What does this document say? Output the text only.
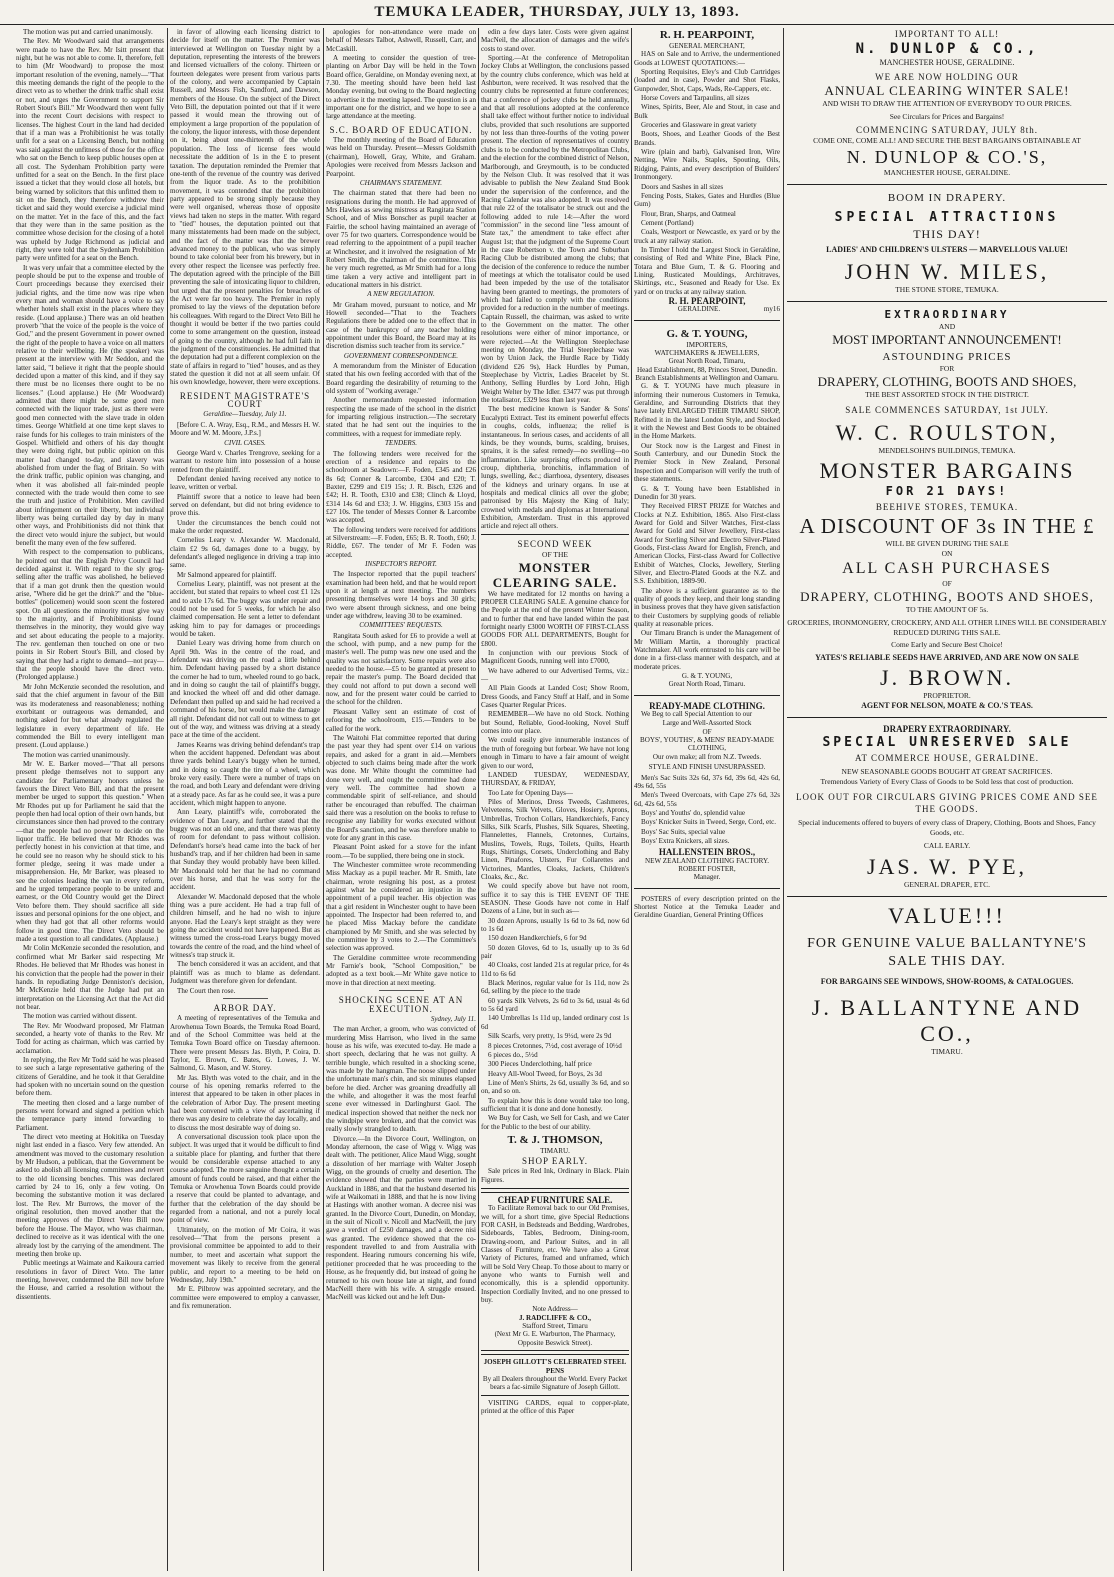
TEMUKA LEADER, THURSDAY, JULY 13, 1893.

The motion was put and carried unanimously.

The Rev. Mr Woodward said that arrangements were made to have the Rev. Mr Isitt present that night, but he was not able to come. It, therefore, fell to him (Mr Woodward) to propose the most important resolution of the evening, namely—"That this meeting demands the right of the people to the direct veto as to whether the drink traffic shall exist or not, and urges the Government to support Sir Robert Stout's Bill." Mr Woodward then went fully into the recent Court decisions with respect to licenses. The highest Court in the land had decided that if a man was a Prohibitionist he was totally unfit for a seat on a Licensing Bench, but nothing was said against the unfitness of those for the office who sat on the Bench to keep public houses open at all cost. The Sydenham Prohibition party were unfitted for a seat on the Bench. In the first place issued a ticket that they would close all hotels, but being warned by solicitors that this unfitted them to sit on the Bench, they therefore withdrew their ticket and said they would exercise a judicial mind on the matter. Yet in the face of this, and the fact that they were than in the same position as the committee whose decision for the closing of a hotel was upheld by Judge Richmond as judicial and right, they were told that the Sydenham Prohibition party were unfitted for a seat on the Bench.

It was very unfair that a committee elected by the people should be put to the expense and trouble of Court proceedings because they exercised their judicial rights, and the time now was ripe when every man and woman should have a voice to say whether hotels shall exist in the places where they reside. (Loud applause.) There was an old heathen proverb "that the voice of the people is the voice of God," and the present Government in power owned the right of the people to have a voice on all matters relative to their wellbeing. He (the speaker) was present at the interview with Mr Seddon, and the latter said, "I believe it right that the people should decided upon a matter of this kind, and if they say there must be no licenses there ought to be no licenses." (Loud applause.) He (Mr Woodward) admitted that there might be some good men connected with the liquor trade, just as there were good men connected with the slave trade in olden times. George Whitfield at one time kept slaves to raise funds for his colleges to train ministers of the Gospel. Whitfield and others of his day thought they were doing right, but public opinion on this matter had changed to-day, and slavery was abolished from under the flag of Britain. So with the drink traffic, public opinion was changing, and when it was abolished all fair-minded people connected with the trade would then come to see the truth and justice of Prohibition. Men cavilled about infringement on their liberty, but individual liberty was being curtailed day by day in many other ways, and Prohibitionists did not think that the direct veto would injure the subject, but would benefit the many even of the few suffered.

With respect to the compensation to publicans, he pointed out that the English Privy Council had decided against it. With regard to the sly grog-selling after the traffic was abolished, he believed that if a man got drunk then the question would arise, "Where did he get the drink?" and the "blue-bottles" (policemen) would soon scent the fostered spot. On all questions the minority must give way to the majority, and if Prohibitionists found themselves in the minority, they would give way and set about educating the people to a majority. The rev. gentleman then touched on one or two points in Sir Robert Stout's Bill, and closed by saying that they had a right to demand—not pray—that the people should have the direct veto. (Prolonged applause.)

Mr John McKenzie seconded the resolution, and said that the chief argument in favour of the Bill was its moderateness and reasonableness; nothing exorbitant or outrageous was demanded, and nothing asked for but what already regulated the legislature in every department of life. He commended the Bill to every intelligent man present. (Loud applause.)

The motion was carried unanimously.

Mr W. E. Barker moved—"That all persons present pledge themselves not to support any candidate for Parliamentary honors unless he favours the Direct Veto Bill, and that the present member be urged to support this question." When Mr Rhodes put up for Parliament he said that the people then had local option of their own hands, but circumstances since then had proved to the contrary—that the people had no power to decide on the liquor traffic. He believed that Mr Rhodes was perfectly honest in his conviction at that time, and he could see no reason why he should stick to his former pledge, seeing it was made under a misapprehension. He, Mr Barker, was pleased to see the colonies leading the van in every reform, and he urged temperance people to be united and earnest, or the Old Country would get the Direct Veto before them. They should sacrifice all side issues and personal opinions for the one object, and when they had got that all other reforms would follow in good time. The Direct Veto should be made a test question to all candidates. (Applause.)

Mr Colin McKenzie seconded the resolution, and confirmed what Mr Barker said respecting Mr Rhodes. He believed that Mr Rhodes was honest in his conviction that the people had the power in their hands. In repudiating Judge Denniston's decision, Mr McKenzie held that the Judge had put an interpretation on the Licensing Act that the Act did not bear.

The motion was carried without dissent.

The Rev. Mr Woodward proposed, Mr Flatman seconded, a hearty vote of thanks to the Rev. Mr Todd for acting as chairman, which was carried by acclamation.

In replying, the Rev Mr Todd said he was pleased to see such a large representative gathering of the citizens of Geraldine, and he took it that Geraldine had spoken with no uncertain sound on the question before them.

The meeting then closed and a large number of persons went forward and signed a petition which the temperance party intend forwarding to Parliament.

The direct veto meeting at Hokitika on Tuesday night last ended in a fiasco. Very few attended. An amendment was moved to the customary resolution by Mr Hudson, a publican, that the Government be asked to abolish all licensing committees and revert to the old licensing benches. This was declared carried by 24 to 16, only a few voting. On becoming the substantive motion it was declared lost. The Rev. Mr Burrows, the mover of the original resolution, then moved another that the meeting approves of the Direct Veto Bill now before the House. The Mayor, who was chairman, declined to receive as it was identical with the one already lost by the carrying of the amendment. The meeting then broke up.

Public meetings at Waimate and Kaikoura carried resolutions in favor of Direct Veto. The latter meeting, however, condemned the Bill now before the House, and carried a resolution without the dissentients.

in favor of allowing each licensing district to decide for itself on the matter. The Premier was interviewed at Wellington on Tuesday night by a deputation, representing the interests of the brewers and licensed victuallers of the colony. Thirteen or fourteen delegates were present from various parts of the colony, and were accompanied by Captain Russell, and Messrs Fish, Sandford, and Dawson, members of the House. On the subject of the Direct Veto Bill, the deputation pointed out that if it were passed it would mean the throwing out of employment a large proportion of the population of the colony, the liquor interests, with those dependent on it, being about one-thirteenth of the whole population. The loss of license fees would necessitate the addition of 1s in the £ to present taxation. The deputation reminded the Premier that one-tenth of the revenue of the country was derived from the liquor trade. As to the prohibition movement, it was contended that the prohibition party appeared to be strong simply because they were well organised, whereas those of opposite views had taken no steps in the matter. With regard to "tied" houses, the deputation pointed out that many misstatements had been made on the subject, and the fact of the matter was that the brewer advanced money to the publican, who was simply bound to take colonial beer from his brewery, but in every other respect the licensee was perfectly free. The deputation agreed with the principle of the Bill preventing the sale of intoxicating liquor to children, but urged that the present penalties for breaches of the Act were far too heavy. The Premier in reply promised to lay the views of the deputation before his colleagues. With regard to the Direct Veto Bill he thought it would be better if the two parties could come to some arrangement on the question, instead of going to the country, although he had full faith in the judgment of the constituencies. He admitted that the deputation had put a different complexion on the state of affairs in regard to "tied" houses, and as they stated the question it did not at all seem unfair. Of his own knowledge, however, there were exceptions.

RESIDENT MAGISTRATE'S COURT
Geraldine—Tuesday, July 11.

[Before C. A. Wray, Esq., R.M., and Messrs H. W. Moore and W. M. Moore, J.P.s.]

CIVIL CASES.

George Ward v. Charles Trengrove, seeking for a warrant to restore him into possession of a house rented from the plaintiff.

Defendant denied having received any notice to leave, written or verbal.

Plaintiff swore that a notice to leave had been served on defendant, but did not bring evidence to prove this.

Under the circumstances the bench could not make the order requested.

Cornelius Leary v. Alexander W. Macdonald, claim £2 9s 6d, damages done to a buggy, by defendant's alleged negligence in driving a trap into same.

Mr Salmond appeared for plaintiff.

Cornelius Leary, plaintiff, was not present at the accident, but stated that repairs to wheel cost £1 12s and to axle 17s 6d. The buggy was under repair and could not be used for 5 weeks, for which he also claimed compensation. He sent a letter to defendant asking him to pay for damages or proceedings would be taken.

Daniel Leary was driving home from church on April 9th. Was in the centre of the road, and defendant was driving on the road a little behind him. Defendant having passed by a short distance the corner he had to turn, wheeled round to go back, and in doing so caught the tail of plaintiff's buggy, and knocked the wheel off and did other damage. Defendant then pulled up and said he had received a command of his horse, but would make the damage all right. Defendant did not call out to witness to get out of the way, and witness was driving at a steady pace at the time of the accident.

James Kearns was driving behind defendant's trap when the accident happened. Defendant was about three yards behind Leary's buggy when he turned, and in doing so caught the tire of a wheel, which broke very easily. There were a number of traps on the road, and both Leary and defendant were driving at a steady pace. As far as he could see, it was a pure accident, which might happen to anyone.

Ann Leary, plaintiff's wife, corroborated the evidence of Dan Leary, and further stated that the buggy was not an old one, and that there was plenty of room for defendant to pass without collision. Defendant's horse's head came into the back of her husband's trap, and if her children had been in same that Sunday they would probably have been killed. Mr Macdonald told her that he had no command over his horse, and that he was sorry for the accident.

Alexander W. Macdonald deposed that the whole thing was a pure accident. He had a trap full of children himself, and he had no wish to injure anyone. Had the Leary's kept straight as they were going the accident would not have happened. But as witness turned the cross-road Learys buggy moved towards the centre of the road, and the hind wheel of witness's trap struck it.

The bench considered it was an accident, and that plaintiff was as much to blame as defendant. Judgment was therefore given for defendant.

The Court then rose.

ARBOR DAY.

A meeting of representatives of the Temuka and Arowhenua Town Boards, the Temuka Road Board, and of the School Committee was held at the Temuka Town Board office on Tuesday afternoon. There were present Messrs Jas. Blyth, P. Coira, D. Taylor, E. Brown, C. Bates, G. Lowes, J. W. Salmond, G. Mason, and W. Storey.

Mr Jas. Blyth was voted to the chair, and in the course of his opening remarks referred to the interest that appeared to be taken in other places in the celebration of Arbor Day. The present meeting had been convened with a view of ascertaining if there was any desire to celebrate the day locally, and to discuss the most desirable way of doing so.

A conversational discussion took place upon the subject. It was urged that it would be difficult to find a suitable place for planting, and further that there would be considerable expense attached to any course adopted. The more sanguine thought a certain amount of funds could be raised, and that either the Temuka or Arowhenua Town Boards could provide a reserve that could be planted to advantage, and further that the celebration of the day should be regarded from a national, and not a purely local point of view.

Ultimately, on the motion of Mr Coira, it was resolved—"That from the persons present a provisional committee be appointed to add to their number, to meet and ascertain what support the movement was likely to receive from the general public, and report to a meeting to be held on Wednesday, July 19th."

Mr E. Pilbrow was appointed secretary, and the committee were empowered to employ a canvasser, and fix remuneration.

apologies for non-attendance were made on behalf of Messrs Talbot, Ashwell, Russell, Carr, and McCaskill.

A meeting to consider the question of tree-planting on Arbor Day will be held in the Town Board office, Geraldine, on Monday evening next, at 7.30. The meeting should have been held last Monday evening, but owing to the Board neglecting to advertise it the meeting lapsed. The question is an important one for the district, and we hope to see a large attendance at the meeting.

S.C. BOARD OF EDUCATION.

The monthly meeting of the Board of Education was held on Thursday. Present—Messrs Goldsmith (chairman), Howell, Gray, White, and Graham. Apologies were received from Messrs Jackson and Pearpoint.

CHAIRMAN'S STATEMENT.

The chairman stated that there had been no resignations during the month. He had approved of Mrs Hawkes as sewing mistress at Rangitata Station School, and of Miss Bonscher as pupil teacher at Fairlie, the school having maintained an average of over 75 for two quarters. Correspondence would be read referring to the appointment of a pupil teacher at Winchester, and it involved the resignation of Mr Robert Smith, the chairman of the committee. This he very much regretted, as Mr Smith had for a long time taken a very active and intelligent part in educational matters in his district.

A NEW REGULATION.

Mr Graham moved, pursuant to notice, and Mr Howell seconded—"That to the Teachers Regulations there be added one to the effect that in case of the bankruptcy of any teacher holding appointment under this Board, the Board may at its discretion dismiss such teacher from its service."

GOVERNMENT CORRESPONDENCE.

A memorandum from the Minister of Education stated that his own feeling accorded with that of the Board regarding the desirability of returning to the old system of "working average."

Another memorandum requested information respecting the use made of the school in the district for imparting religious instruction.—The secretary stated that he had sent out the inquiries to the committees, with a request for immediate reply.

TENDERS.

The following tenders were received for the erection of a residence and repairs to the schoolroom at Seadown:—F. Foden, £345 and £26 8s 6d; Conner & Larcombe, £304 and £20; T. Baxter, £299 and £19 15s; J. R. Bisch, £326 and £42; H. R. Tooth, £310 and £38; Clinch & Lloyd, £314 14s 6d and £33; J. W. Higgins, £303 15s and £27 10s. The tender of Messrs Conner & Larcombe was accepted.

The following tenders were received for additions at Silverstream:—F. Foden, £65; B. R. Tooth, £60; J. Riddle, £67. The tender of Mr F. Foden was accepted.

INSPECTOR'S REPORT.

The Inspector reported that the pupil teachers' examination had been held, and that he would report upon it at length at next meeting. The numbers presenting themselves were 14 boys and 30 girls; two were absent through sickness, and one being under age withdrew, leaving 30 to be examined.

COMMITTEES' REQUESTS.

Rangitata South asked for £6 to provide a well at the school, with pump, and a new pump for the master's well. The pump was new one used and the quality was not satisfactory. Some repairs were also needed to the house.—£5 to be granted at present to repair the master's pump. The Board decided that they could not afford to put down a second well now, and for the present water could be carried to the school for the children.

Pleasant Valley sent an estimate of cost of refooring the schoolroom, £15.—Tenders to be called for the work.

The Waitohi Flat committee reported that during the past year they had spent over £14 on various repairs, and asked for a grant in aid.—Members objected to such claims being made after the work was done. Mr White thought the committee had done very well, and ought the committee had done very well. The committee had shown a commendable spirit of self-reliance, and should rather be encouraged than rebuffed. The chairman said there was a resolution on the books to refuse to recognise any liability for works executed without the Board's sanction, and he was therefore unable to vote for any grant in this case.

Pleasant Point asked for a stove for the infant room.—To be supplied, there being one in stock.

The Winchester committee wrote recommending Miss Mackay as a pupil teacher. Mr R. Smith, late chairman, wrote resigning his post, as a protest against what he considered an injustice in the appointment of a pupil teacher. His objection was that a girl resident in Winchester ought to have been appointed. The Inspector had been referred to, and he placed Miss Mackay before the candidate championed by Mr Smith, and she was selected by the committee by 3 votes to 2.—The Committee's selection was approved.

The Geraldine committee wrote recommending Mr Farnie's book, "School Composition," be adopted as a text book.—Mr White gave notice to move in that direction at next meeting.

SHOCKING SCENE AT AN EXECUTION.
Sydney, July 11.

The man Archer, a groom, who was convicted of murdering Miss Harrison, who lived in the same house as his wife, was executed to-day. He made a short speech, declaring that he was not guilty. A terrible bungle, which resulted in a shocking scene, was made by the hangman. The noose slipped under the unfortunate man's chin, and six minutes elapsed before he died. Archer was groaning dreadfully all the while, and altogether it was the most fearful scene ever witnessed in Darlinghurst Gaol. The medical inspection showed that neither the neck nor the windpipe were broken, and that the convict was really slowly strangled to death.

Divorce.—In the Divorce Court, Wellington, on Monday afternoon, the case of Wigg v. Wigg was dealt with. The petitioner, Alice Maud Wigg, sought a dissolution of her marriage with Walter Joseph Wigg, on the grounds of cruelty and desertion. The evidence showed that the parties were married in Auckland in 1886, and that the husband deserted his wife at Waikomati in 1888, and that he is now living at Hastings with another woman. A decree nisi was granted. In the Divorce Court, Dunedin, on Monday, in the suit of Nicoll v. Nicoll and MacNeill, the jury gave a verdict of £250 damages, and a decree nisi was granted. The evidence showed that the co-respondent travelled to and from Australia with respondent. Hearing rumours concerning his wife, petitioner proceeded that he was proceeding to the House, as he frequently did, but instead of going he returned to his own house late at night, and found MacNeill there with his wife. A struggle ensued. MacNeill was kicked out and he left Dun-

edin a few days later. Costs were given against MacNeil, the allocation of damages and the wife's costs to stand over.

Sporting.—At the conference of Metropolitan Jockey Clubs at Wellington, the conclusions passed by the country clubs conference, which was held at Ashburton, were received. It was resolved that the country clubs be represented at future conferences; that a conference of jockey clubs be held annually, and that all resolutions adopted at the conference shall take effect without further notice to individual clubs, provided that such resolutions are supported by not less than three-fourths of the voting power present. The election of representatives of country clubs is to be conducted by the Metropolitan Clubs, and the election for the combined district of Nelson, Marlborough, and Greymouth, is to be conducted by the Nelson Club. It was resolved that it was advisable to publish the New Zealand Stud Book under the supervision of the conference, and the Racing Calendar was also adopted. It was resolved that rule 22 of the totalisator be struck out and the following added to rule 14:—After the word "commission" in the second line "less amount of State tax," the amendment to take effect after August 1st; that the judgment of the Supreme Court in the case Robertson v. the Town and Suburban Racing Club be distributed among the clubs; that the decision of the conference to reduce the number of meetings at which the totalisator could be used had been impeded by the use of the totalisator having been granted to meetings, the promoters of which had failed to comply with the conditions provided for a reduction in the number of meetings. Captain Russell, the chairman, was asked to write to the Government on the matter. The other resolutions were either of minor importance, or were rejected.—At the Wellington Steeplechase meeting on Monday, the Trial Steeplechase was won by Union Jack, the Hurdle Race by Tiddy (dividend £26 9s), Hack Hurdles by Puman, Steeplechase by Victrix, Ladies Bracelet by St. Anthony, Selling Hurdles by Lord John, High Weight Welter by The Idler. £3477 was put through the totalisator, £329 less than last year.

The best medicine known is Sander & Sons' Eucalypti Extract. Test its eminent powerful effects in coughs, colds, influenza; the relief is instantaneous. In serious cases, and accidents of all kinds, be they wounds, burns, scalding, bruises, sprains, it is the safest remedy—no swelling—no inflammation. Like surprising effects produced in croup, diphtheria, bronchitis, inflammation of lungs, swelling, &c.; diarrhoea, dysentery, diseases of the kidneys and urinary organs. In use at hospitals and medical clinics all over the globe; patronised by His Majesty the King of Italy; crowned with medals and diplomas at International Exhibition, Amsterdam. Trust in this approved article and reject all others.

SECOND WEEK
OF THE
MONSTER CLEARING SALE.

We have meditated for 12 months on having a PROPER CLEARING SALE. A genuine chance for the People at the end of the present Winter Season, and to further that end have landed within the past fortnight nearly £3000 WORTH OF FIRST-CLASS GOODS FOR ALL DEPARTMENTS, Bought for £800.

In conjunction with our previous Stock of Magnificent Goods, running well into £7000,

We have adhered to our Advertised Terms, viz.:—

All Plain Goods at Landed Cost; Show Room, Dress Goods, and Fancy Stuff at Half, and in Some Cases Quarter Regular Prices.

REMEMBER—We have no old Stock. Nothing but Sound, Reliable, Good-looking, Novel Stuff comes into our place.

We could easily give innumerable instances of the truth of foregoing but forbear. We have not long enough in Timaru to have a fair amount of weight given to our word,

LANDED TUESDAY, WEDNESDAY, THURSDAY, & FRIDAY,

Too Late for Opening Days—

Piles of Merinos, Dress Tweeds, Cashmeres, Velveteens, Silk Velvets, Gloves, Hosiery, Aprons, Umbrellas, Trochon Collars, Handkerchiefs, Fancy Silks, Silk Scarfs, Plushes, Silk Squares, Sheeting, Flannelettes, Flannels, Cretonnes, Curtains, Muslins, Towels, Rugs, Toilets, Quilts, Hearth Rugs, Shirtings, Corsets, Underclothing and Baby Linen, Pinafores, Ulsters, Fur Collarettes and Victorines, Mantles, Cloaks, Jackets, Children's Cloaks, &c., &c.

We could specify above but have not room, suffice it to say this is THE EVENT OF THE SEASON. These Goods have not come in Half Dozens of a Line, but in such as—

30 dozen Aprons, usually 1s 6d to 3s 6d, now 6d to 1s 6d

150 dozen Handkerchiefs, 6 for 9d

50 dozen Gloves, 6d to 1s, usually up to 3s 6d pair

40 Cloaks, cost landed 21s at regular price, for 4s 11d to 6s 6d

Black Merinos, regular value for 1s 11d, now 2s 6d, selling by the piece to the trade

60 yards Silk Velvets, 2s 6d to 3s 6d, usual 4s 6d to 5s 6d yard

140 Umbrellas 1s 11d up, landed ordinary cost 1s 6d

Silk Scarfs, very pretty, 1s 9½d, were 2s 9d

8 pieces Cretonnes, 7½d, cost average of 10½d

6 pieces do., 5½d

300 Pieces Underclothing, half price

Heavy All-Wool Tweed, for Boys, 2s 3d

Line of Men's Shirts, 2s 6d, usually 3s 6d, and so on, and so on.

To explain how this is done would take too long, sufficient that it is done and done honestly.

We Buy for Cash, we Sell for Cash, and we Cater for the Public to the best of our ability.

T. & J. THOMSON,
TIMARU.
SHOP EARLY.

Sale prices in Red Ink, Ordinary in Black. Plain Figures.

CHEAP FURNITURE SALE.

To Facilitate Removal back to our Old Premises, we will, for a short time, give Special Reductions FOR CASH, in Bedsteads and Bedding, Wardrobes, Sideboards, Tables, Bedroom, Dining-room, Drawing-room, and Parlour Suites, and in all Classes of Furniture, etc. We have also a Great Variety of Pictures, framed and unframed, which will be Sold Very Cheap. To those about to marry or anyone who wants to Furnish well and economically, this is a splendid opportunity. Inspection Cordially Invited, and no one pressed to buy.

Note Address—
J. RADCLIFFE & CO.,
Stafford Street, Timaru
(Next Mr G. E. Warburton, The Pharmacy, Opposite Beswick Street).
JOSEPH GILLOTT'S CELEBRATED STEEL PENS
By all Dealers throughout the World. Every Packet bears a fac-simile Signature of Joseph Gillott.

VISITING CARDS, equal to copper-plate, printed at the office of this Paper

R. H. PEARPOINT,
GENERAL MERCHANT,

HAS on Sale and to Arrive, the undermentioned Goods at LOWEST QUOTATIONS:—

Sporting Requisites, Eley's and Club Cartridges (loaded and in case), Powder and Shot Flasks, Gunpowder, Shot, Caps, Wads, Re-Cappers, etc.

Horse Covers and Tarpaulins, all sizes

Wines, Spirits, Beer, Ale and Stout, in case and Bulk

Groceries and Glassware in great variety

Boots, Shoes, and Leather Goods of the Best Brands.

Wire (plain and barb), Galvanised Iron, Wire Netting, Wire Nails, Staples, Spouting, Oils, Ridging, Paints, and every description of Builders' Ironmongery.

Doors and Sashes in all sizes

Fencing Posts, Stakes, Gates and Hurdles (Blue Gum)

Flour, Bran, Sharps, and Oatmeal

Cement (Portland)

Coals, Westport or Newcastle, ex yard or by the truck at any railway station.

In Timber I hold the Largest Stock in Geraldine, consisting of Red and White Pine, Black Pine, Totara and Blue Gum, T. & G. Flooring and Lining, Rusticated Mouldings, Architraves, Skirtings, etc., Seasoned and Ready for Use. Ex yard or on trucks at any railway station.

R. H. PEARPOINT,
GERALDINE.	my16
G. & T. YOUNG,
IMPORTERS,
WATCHMAKERS & JEWELLERS,
Great North Road, Timaru,
Head Establishment, 88, Princes Street, Dunedin.
Branch Establishments at Wellington and Oamaru.

G. & T. YOUNG have much pleasure in informing their numerous Customers in Temuka, Geraldine, and Surrounding Districts that they have lately ENLARGED THEIR TIMARU SHOP, Refitted it in the latest London Style, and Stocked it with the Newest and Best Goods to be obtained in the Home Markets.

Our Stock now is the Largest and Finest in South Canterbury, and our Dunedin Stock the Premier Stock in New Zealand, Personal Inspection and Comparison will verify the truth of these statements.

G. & T. Young have been Established in Dunedin for 30 years.

They Received FIRST PRIZE for Watches and Clocks at N.Z. Exhibition, 1865. Also First-class Award for Gold and Silver Watches, First-class Award for Gold and Silver Jewellery, First-class Award for Sterling Silver and Electro Silver-Plated Goods, First-class Award for English, French, and American Clocks, First-class Award for Collective Exhibit of Watches, Clocks, Jewellery, Sterling Silver, and Electro-Plated Goods at the N.Z. and S.S. Exhibition, 1889-90.

The above is a sufficient guarantee as to the quality of goods they keep, and their long standing in business proves that they have given satisfaction to their Customers by supplying goods of reliable quality at reasonable prices.

Our Timaru Branch is under the Management of Mr William Martin, a thoroughly practical Watchmaker. All work entrusted to his care will be done in a first-class manner with despatch, and at moderate prices.

G. & T. YOUNG,
Great North Road, Timaru.
READY-MADE CLOTHING.

We Beg to call Special Attention to our

Large and Well-Assorted Stock
OF
BOYS', YOUTHS', & MENS' READY-MADE CLOTHING,
Our own make; all from N.Z. Tweeds.
STYLE AND FINISH UNSURPASSED.

Men's Sac Suits 32s 6d, 37s 6d, 39s 6d, 42s 6d, 49s 6d, 55s

Men's Tweed Overcoats, with Cape 27s 6d, 32s 6d, 42s 6d, 55s

Boys' and Youths' do, splendid value

Boys' Knicker Suits in Tweed, Serge, Cord, etc.

Boys' Sac Suits, special value

Boys' Extra Knickers, all sizes.

HALLENSTEIN BROS.,
NEW ZEALAND CLOTHING FACTORY.
ROBERT FOSTER,
Manager.

POSTERS of every description printed on the Shortest Notice at the Temuka Leader and Geraldine Guardian, General Printing Offices

IMPORTANT TO ALL!
N. DUNLOP & CO.,
MANCHESTER HOUSE, GERALDINE.
WE ARE NOW HOLDING OUR
ANNUAL CLEARING WINTER SALE!
AND WISH TO DRAW THE ATTENTION OF EVERYBODY TO OUR PRICES.
See Circulars for Prices and Bargains!
COMMENCING SATURDAY, JULY 8th.
COME ONE, COME ALL! AND SECURE THE BEST BARGAINS OBTAINABLE AT
N. DUNLOP & CO.'S,
MANCHESTER HOUSE, GERALDINE.
BOOM IN DRAPERY.
SPECIAL ATTRACTIONS
THIS DAY!
LADIES' AND CHILDREN'S ULSTERS — MARVELLOUS VALUE!
JOHN W. MILES,
THE STONE STORE, TEMUKA.
EXTRAORDINARY
AND
MOST IMPORTANT ANNOUNCEMENT!
ASTOUNDING PRICES
FOR
DRAPERY, CLOTHING, BOOTS AND SHOES,
THE BEST ASSORTED STOCK IN THE DISTRICT.
SALE COMMENCES SATURDAY, 1st JULY.
W. C. ROULSTON,
MENDELSOHN'S BUILDINGS, TEMUKA.
MONSTER BARGAINS
FOR 21 DAYS!
BEEHIVE STORES, TEMUKA.
A DISCOUNT OF 3s IN THE £
WILL BE GIVEN DURING THE SALE
ON
ALL CASH PURCHASES
OF
DRAPERY, CLOTHING, BOOTS AND SHOES,
TO THE AMOUNT OF 5s.
GROCERIES, IRONMONGERY, CROCKERY, AND ALL OTHER LINES WILL BE CONSIDERABLY REDUCED DURING THIS SALE.
Come Early and Secure Best Choice!
YATES'S RELIABLE SEEDS HAVE ARRIVED, AND ARE NOW ON SALE
J. BROWN.
PROPRIETOR.
AGENT FOR NELSON, MOATE & CO.'S TEAS.
DRAPERY EXTRAORDINARY.
SPECIAL UNRESERVED SALE
AT COMMERCE HOUSE, GERALDINE.
NEW SEASONABLE GOODS BOUGHT AT GREAT SACRIFICES.
Tremendous Variety of Every Class of Goods to be Sold less that cost of production.
LOOK OUT FOR CIRCULARS GIVING PRICES COME AND SEE THE GOODS.
Special inducements offered to buyers of every class of Drapery, Clothing, Boots and Shoes, Fancy Goods, etc.
CALL EARLY.
JAS. W. PYE,
GENERAL DRAPER, ETC.
VALUE!!!
FOR GENUINE VALUE BALLANTYNE'S SALE THIS DAY.
FOR BARGAINS SEE WINDOWS, SHOW-ROOMS, & CATALOGUES.
J. BALLANTYNE AND CO.,
TIMARU.
